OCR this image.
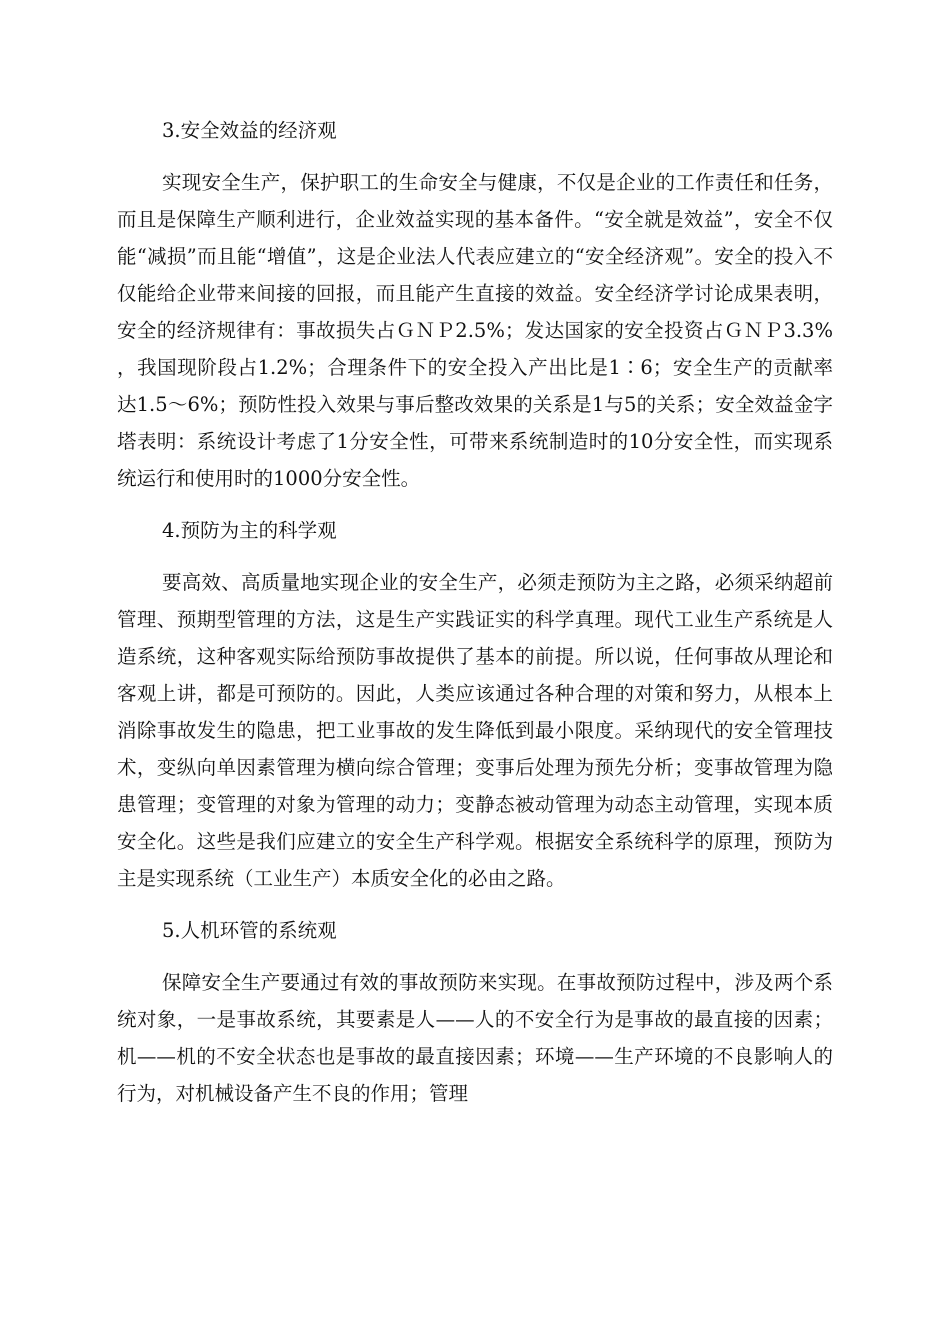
3.安全效益的经济观

实现安全生产，保护职工的生命安全与健康，不仅是企业的工作责任和任务，而且是保障生产顺利进行，企业效益实现的基本备件。“安全就是效益”，安全不仅能“减损”而且能“增值”，这是企业法人代表应建立的“安全经济观”。安全的投入不仅能给企业带来间接的回报，而且能产生直接的效益。安全经济学讨论成果表明，安全的经济规律有：事故损失占ＧＮＰ2.5%；发达国家的安全投资占ＧＮＰ3.3%，我国现阶段占1.2%；合理条件下的安全投入产出比是1∶6；安全生产的贡献率达1.5～6%；预防性投入效果与事后整改效果的关系是1与5的关系；安全效益金字塔表明：系统设计考虑了1分安全性，可带来系统制造时的10分安全性，而实现系统运行和使用时的1000分安全性。

4.预防为主的科学观

要高效、高质量地实现企业的安全生产，必须走预防为主之路，必须采纳超前管理、预期型管理的方法，这是生产实践证实的科学真理。现代工业生产系统是人造系统，这种客观实际给预防事故提供了基本的前提。所以说，任何事故从理论和客观上讲，都是可预防的。因此，人类应该通过各种合理的对策和努力，从根本上消除事故发生的隐患，把工业事故的发生降低到最小限度。采纳现代的安全管理技术，变纵向单因素管理为横向综合管理；变事后处理为预先分析；变事故管理为隐患管理；变管理的对象为管理的动力；变静态被动管理为动态主动管理，实现本质安全化。这些是我们应建立的安全生产科学观。根据安全系统科学的原理，预防为主是实现系统（工业生产）本质安全化的必由之路。

5.人机环管的系统观

保障安全生产要通过有效的事故预防来实现。在事故预防过程中，涉及两个系统对象，一是事故系统，其要素是人——人的不安全行为是事故的最直接的因素；机——机的不安全状态也是事故的最直接因素；环境——生产环境的不良影响人的行为，对机械设备产生不良的作用；管理
